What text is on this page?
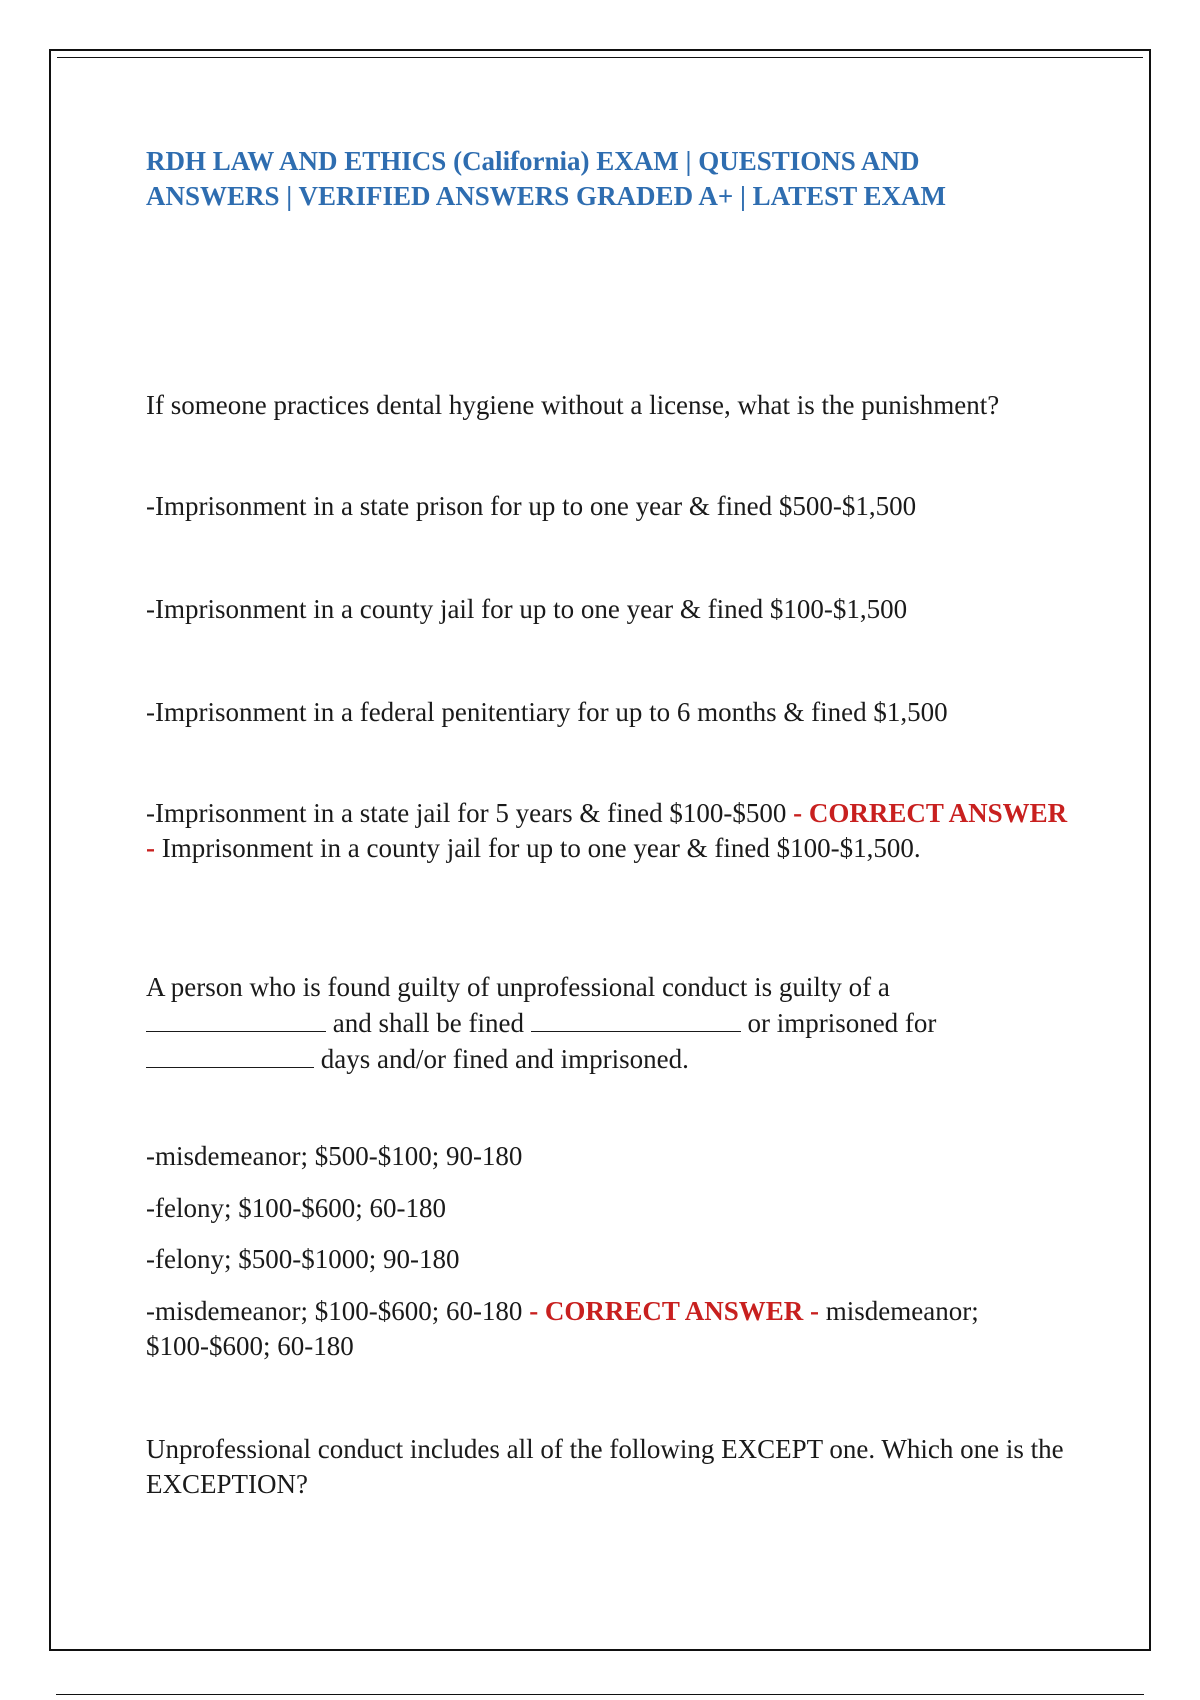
RDH LAW AND ETHICS (California) EXAM | QUESTIONS AND ANSWERS | VERIFIED ANSWERS GRADED A+ | LATEST EXAM

If someone practices dental hygiene without a license, what is the punishment?

-Imprisonment in a state prison for up to one year & fined $500-$1,500

-Imprisonment in a county jail for up to one year & fined $100-$1,500

-Imprisonment in a federal penitentiary for up to 6 months & fined $1,500

-Imprisonment in a state jail for 5 years & fined $100-$500 - CORRECT ANSWER - Imprisonment in a county jail for up to one year & fined $100-$1,500.

A person who is found guilty of unprofessional conduct is guilty of a  and shall be fined	or imprisoned for  days and/or fined and imprisoned.

-misdemeanor; $500-$100; 90-180

-felony; $100-$600; 60-180

-felony; $500-$1000; 90-180

-misdemeanor; $100-$600; 60-180 - CORRECT ANSWER - misdemeanor; $100-$600; 60-180

Unprofessional conduct includes all of the following EXCEPT one. Which one is the EXCEPTION?
